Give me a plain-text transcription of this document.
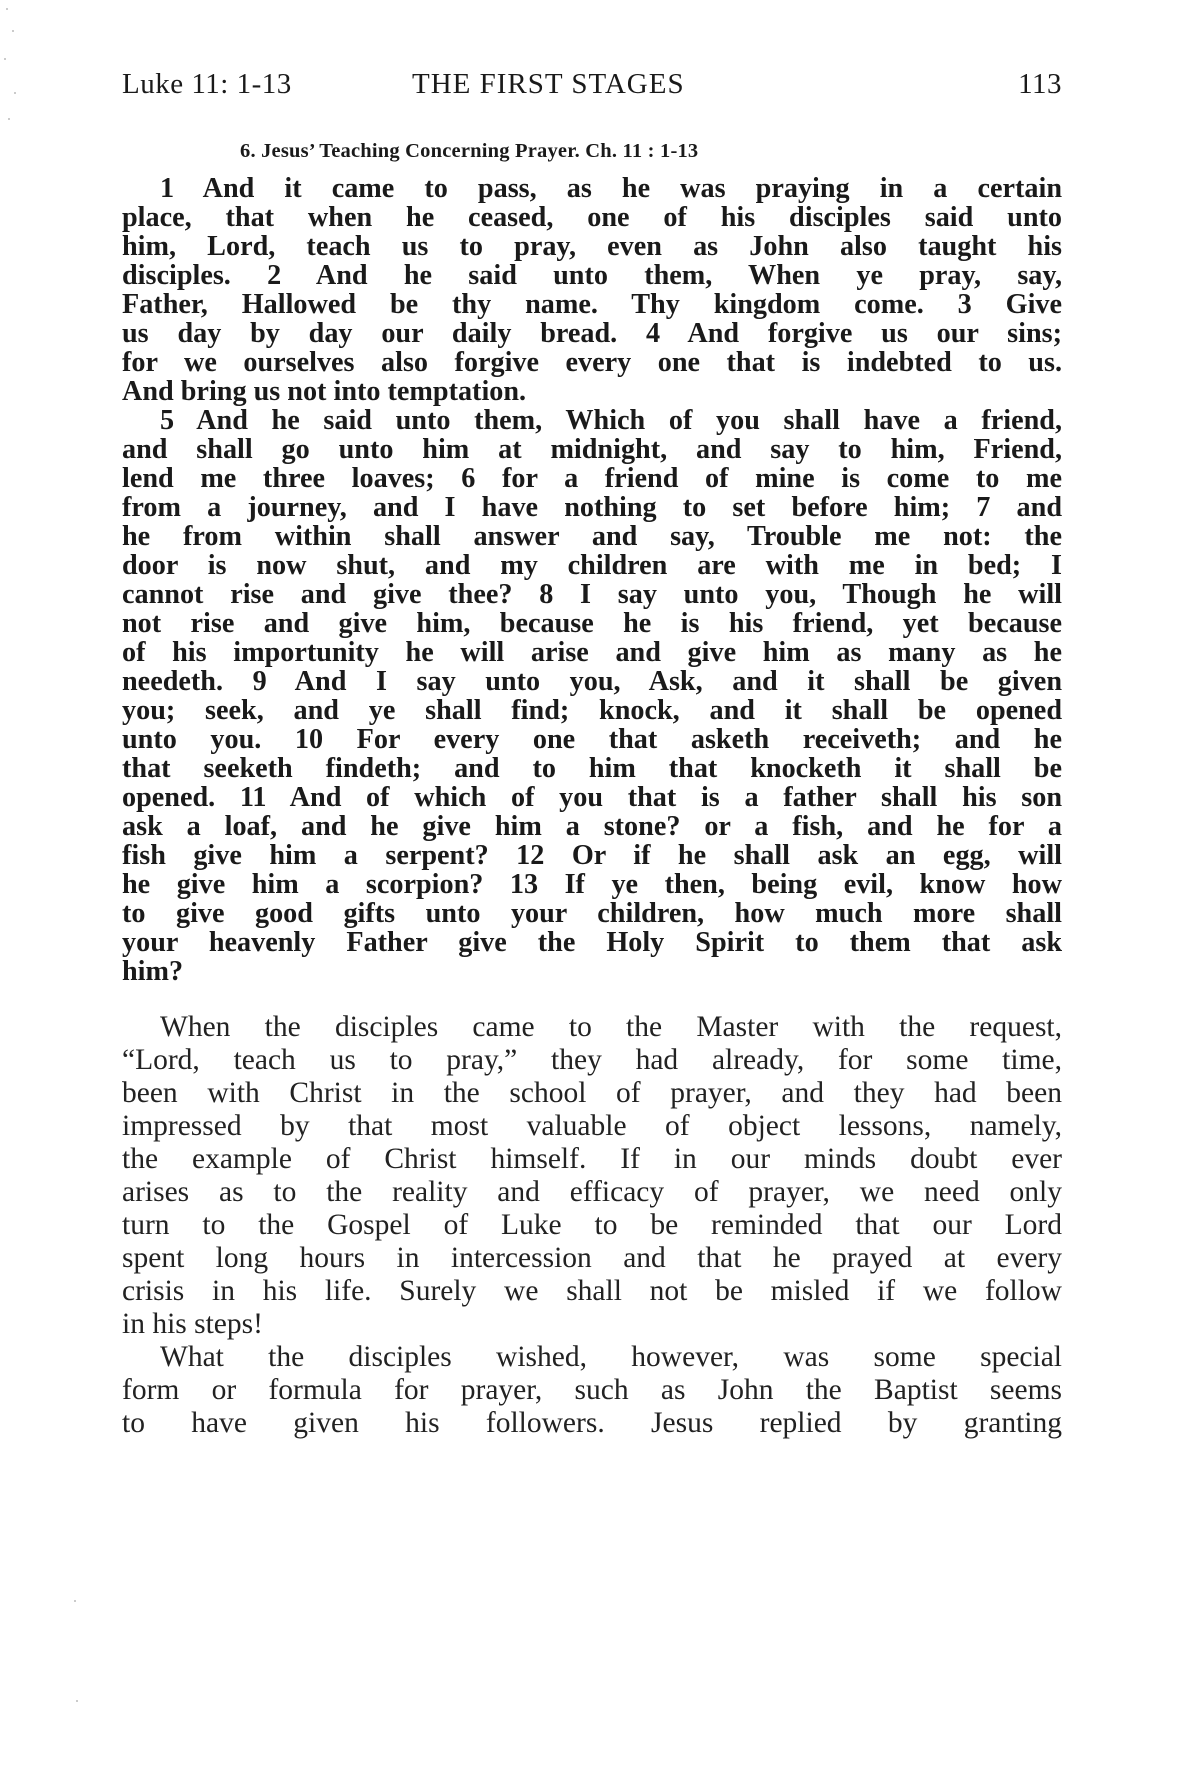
Luke 11: 1-13	THE FIRST STAGES	113
6. Jesus’ Teaching Concerning Prayer. Ch. 11 : 1-13
1 And it came to pass, as he was praying in a certain
place, that when he ceased, one of his disciples said unto
him, Lord, teach us to pray, even as John also taught his
disciples. 2 And he said unto them, When ye pray, say,
Father, Hallowed be thy name. Thy kingdom come. 3 Give
us day by day our daily bread. 4 And forgive us our sins;
for we ourselves also forgive every one that is indebted to us.
And bring us not into temptation.
5 And he said unto them, Which of you shall have a friend,
and shall go unto him at midnight, and say to him, Friend,
lend me three loaves; 6 for a friend of mine is come to me
from a journey, and I have nothing to set before him; 7 and
he from within shall answer and say, Trouble me not: the
door is now shut, and my children are with me in bed; I
cannot rise and give thee? 8 I say unto you, Though he will
not rise and give him, because he is his friend, yet because
of his importunity he will arise and give him as many as he
needeth. 9 And I say unto you, Ask, and it shall be given
you; seek, and ye shall find; knock, and it shall be opened
unto you. 10 For every one that asketh receiveth; and he
that seeketh findeth; and to him that knocketh it shall be
opened. 11 And of which of you that is a father shall his son
ask a loaf, and he give him a stone? or a fish, and he for a
fish give him a serpent? 12 Or if he shall ask an egg, will
he give him a scorpion? 13 If ye then, being evil, know how
to give good gifts unto your children, how much more shall
your heavenly Father give the Holy Spirit to them that ask
him?
When the disciples came to the Master with the request,
“Lord, teach us to pray,” they had already, for some time,
been with Christ in the school of prayer, and they had been
impressed by that most valuable of object lessons, namely,
the example of Christ himself. If in our minds doubt ever
arises as to the reality and efficacy of prayer, we need only
turn to the Gospel of Luke to be reminded that our Lord
spent long hours in intercession and that he prayed at every
crisis in his life. Surely we shall not be misled if we follow
in his steps!
What the disciples wished, however, was some special
form or formula for prayer, such as John the Baptist seems
to have given his followers. Jesus replied by granting
